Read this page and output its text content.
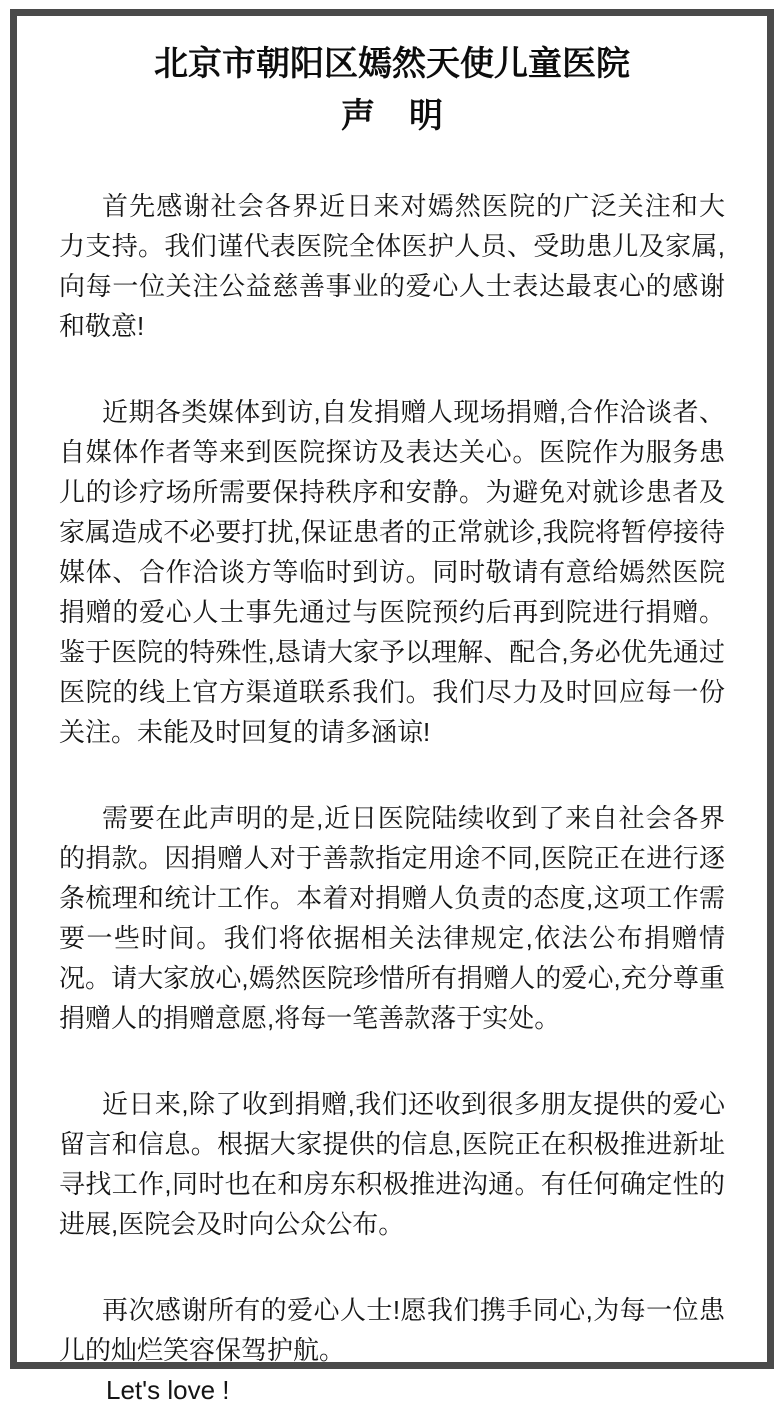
北京市朝阳区嫣然天使儿童医院
声　明

首先感谢社会各界近日来对嫣然医院的广泛关注和大力支持。我们谨代表医院全体医护人员、受助患儿及家属,向每一位关注公益慈善事业的爱心人士表达最衷心的感谢和敬意!

近期各类媒体到访,自发捐赠人现场捐赠,合作洽谈者、自媒体作者等来到医院探访及表达关心。医院作为服务患儿的诊疗场所需要保持秩序和安静。为避免对就诊患者及家属造成不必要打扰,保证患者的正常就诊,我院将暂停接待媒体、合作洽谈方等临时到访。同时敬请有意给嫣然医院捐赠的爱心人士事先通过与医院预约后再到院进行捐赠。鉴于医院的特殊性,恳请大家予以理解、配合,务必优先通过医院的线上官方渠道联系我们。我们尽力及时回应每一份关注。未能及时回复的请多涵谅!

需要在此声明的是,近日医院陆续收到了来自社会各界的捐款。因捐赠人对于善款指定用途不同,医院正在进行逐条梳理和统计工作。本着对捐赠人负责的态度,这项工作需要一些时间。我们将依据相关法律规定,依法公布捐赠情况。请大家放心,嫣然医院珍惜所有捐赠人的爱心,充分尊重捐赠人的捐赠意愿,将每一笔善款落于实处。

近日来,除了收到捐赠,我们还收到很多朋友提供的爱心留言和信息。根据大家提供的信息,医院正在积极推进新址寻找工作,同时也在和房东积极推进沟通。有任何确定性的进展,医院会及时向公众公布。

再次感谢所有的爱心人士!愿我们携手同心,为每一位患儿的灿烂笑容保驾护航。

Let's love !
